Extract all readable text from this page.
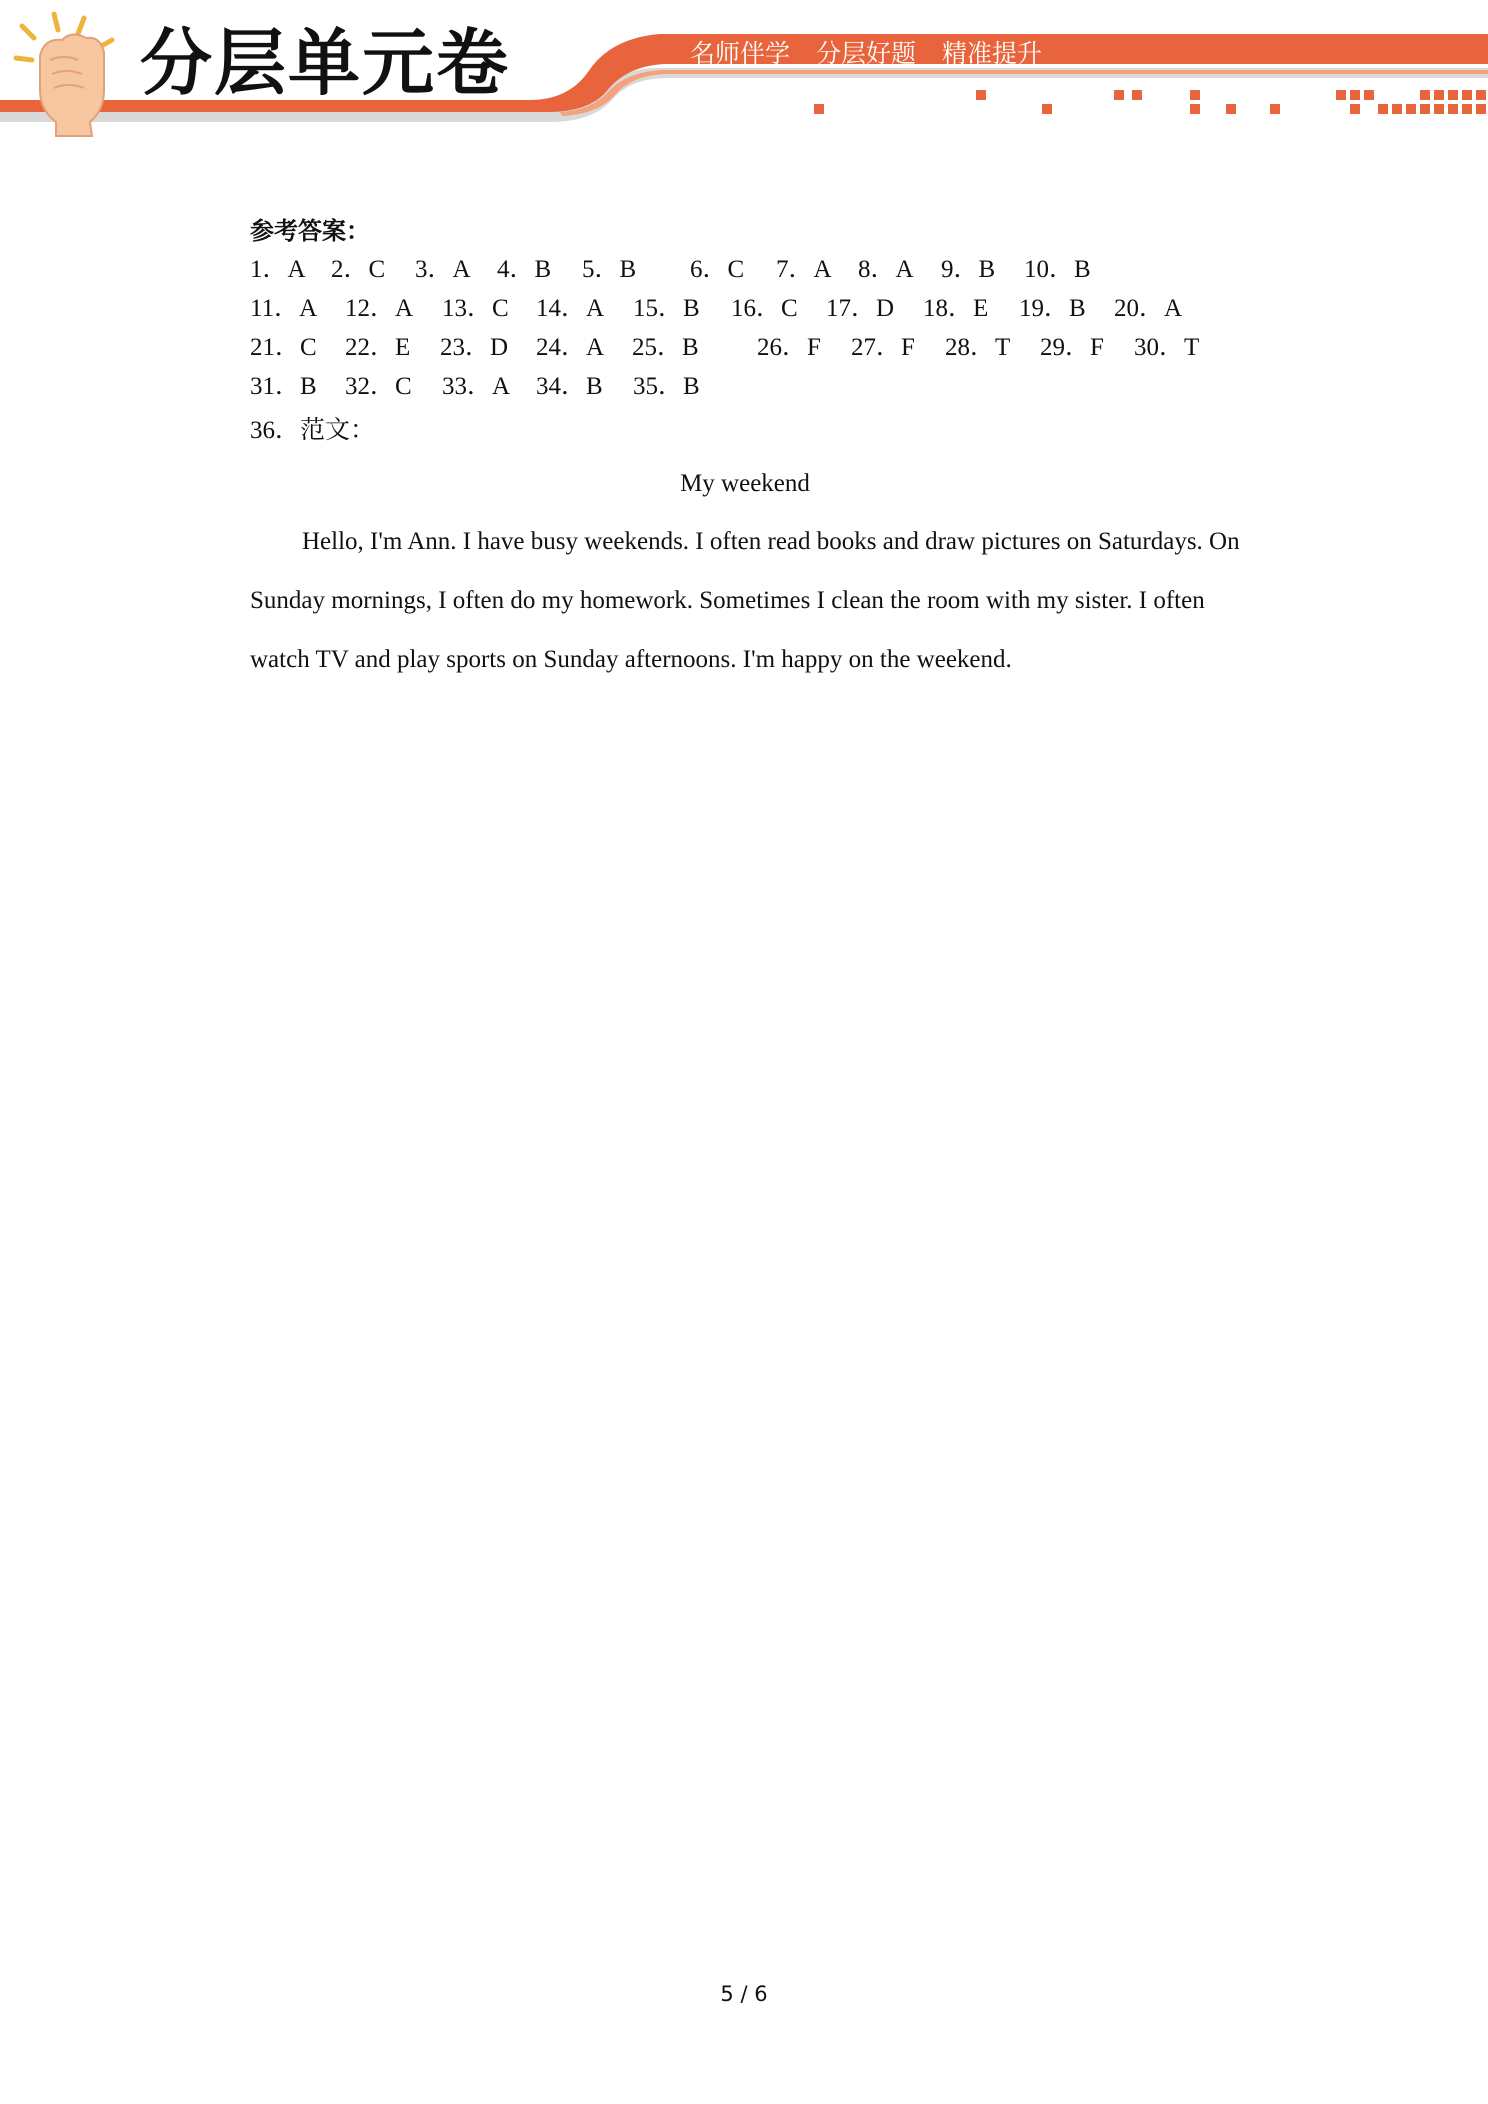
分层单元卷	名师伴学 分层好题 精准提升
参考答案：
1．A 2．C 3．A 4．B 5．B 6．C 7．A 8．A 9．B 10．B
11．A 12．A 13．C 14．A 15．B 16．C 17．D 18．E 19．B 20．A
21．C 22．E 23．D 24．A 25．B 26．F 27．F 28．T 29．F 30．T
31．B 32．C 33．A 34．B 35．B
36．范文：
My weekend

Hello, I'm Ann. I have busy weekends. I often read books and draw pictures on Saturdays. On Sunday mornings, I often do my homework. Sometimes I clean the room with my sister. I often watch TV and play sports on Sunday afternoons. I'm happy on the weekend.

5 / 6
